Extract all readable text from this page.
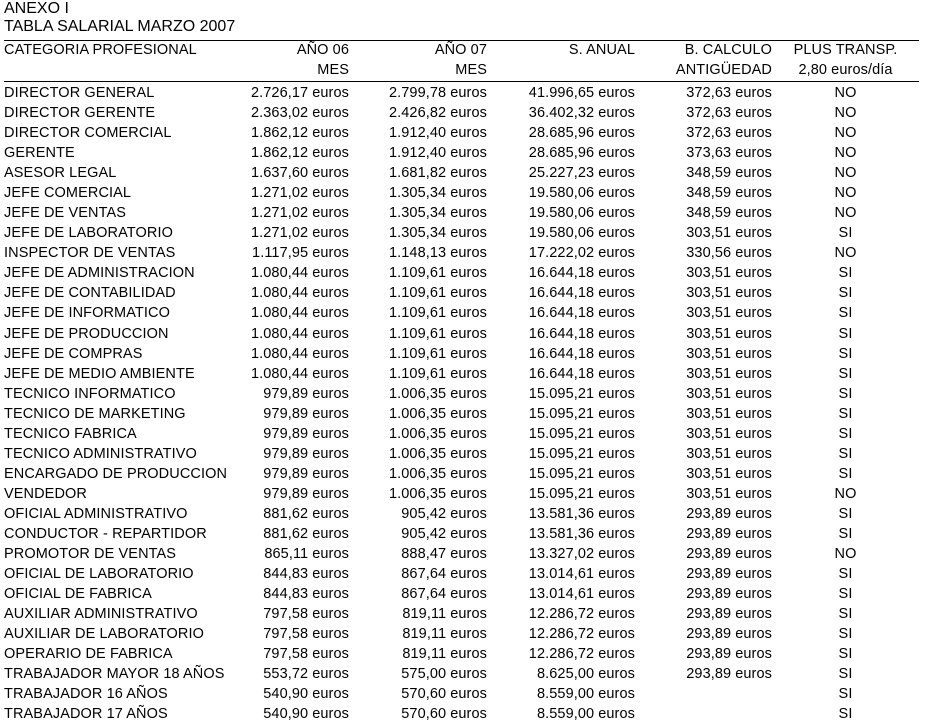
ANEXO I
TABLA SALARIAL MARZO 2007
CATEGORIA PROFESIONAL	AÑO 06	AÑO 07	S. ANUAL	B. CALCULO	PLUS TRANSP.
	MES	MES		ANTIGÜEDAD	2,80 euros/día
DIRECTOR GENERAL	2.726,17 euros	2.799,78 euros	41.996,65 euros	372,63 euros	NO
DIRECTOR GERENTE	2.363,02 euros	2.426,82 euros	36.402,32 euros	372,63 euros	NO
DIRECTOR COMERCIAL	1.862,12 euros	1.912,40 euros	28.685,96 euros	372,63 euros	NO
GERENTE	1.862,12 euros	1.912,40 euros	28.685,96 euros	373,63 euros	NO
ASESOR LEGAL	1.637,60 euros	1.681,82 euros	25.227,23 euros	348,59 euros	NO
JEFE COMERCIAL	1.271,02 euros	1.305,34 euros	19.580,06 euros	348,59 euros	NO
JEFE DE VENTAS	1.271,02 euros	1.305,34 euros	19.580,06 euros	348,59 euros	NO
JEFE DE LABORATORIO	1.271,02 euros	1.305,34 euros	19.580,06 euros	303,51 euros	SI
INSPECTOR DE VENTAS	1.117,95 euros	1.148,13 euros	17.222,02 euros	330,56 euros	NO
JEFE DE ADMINISTRACION	1.080,44 euros	1.109,61 euros	16.644,18 euros	303,51 euros	SI
JEFE DE CONTABILIDAD	1.080,44 euros	1.109,61 euros	16.644,18 euros	303,51 euros	SI
JEFE DE INFORMATICO	1.080,44 euros	1.109,61 euros	16.644,18 euros	303,51 euros	SI
JEFE DE PRODUCCION	1.080,44 euros	1.109,61 euros	16.644,18 euros	303,51 euros	SI
JEFE DE COMPRAS	1.080,44 euros	1.109,61 euros	16.644,18 euros	303,51 euros	SI
JEFE DE MEDIO AMBIENTE	1.080,44 euros	1.109,61 euros	16.644,18 euros	303,51 euros	SI
TECNICO INFORMATICO	979,89 euros	1.006,35 euros	15.095,21 euros	303,51 euros	SI
TECNICO DE MARKETING	979,89 euros	1.006,35 euros	15.095,21 euros	303,51 euros	SI
TECNICO FABRICA	979,89 euros	1.006,35 euros	15.095,21 euros	303,51 euros	SI
TECNICO ADMINISTRATIVO	979,89 euros	1.006,35 euros	15.095,21 euros	303,51 euros	SI
ENCARGADO DE PRODUCCION	979,89 euros	1.006,35 euros	15.095,21 euros	303,51 euros	SI
VENDEDOR	979,89 euros	1.006,35 euros	15.095,21 euros	303,51 euros	NO
OFICIAL ADMINISTRATIVO	881,62 euros	905,42 euros	13.581,36 euros	293,89 euros	SI
CONDUCTOR - REPARTIDOR	881,62 euros	905,42 euros	13.581,36 euros	293,89 euros	SI
PROMOTOR DE VENTAS	865,11 euros	888,47 euros	13.327,02 euros	293,89 euros	NO
OFICIAL DE LABORATORIO	844,83 euros	867,64 euros	13.014,61 euros	293,89 euros	SI
OFICIAL DE FABRICA	844,83 euros	867,64 euros	13.014,61 euros	293,89 euros	SI
AUXILIAR ADMINISTRATIVO	797,58 euros	819,11 euros	12.286,72 euros	293,89 euros	SI
AUXILIAR DE LABORATORIO	797,58 euros	819,11 euros	12.286,72 euros	293,89 euros	SI
OPERARIO DE FABRICA	797,58 euros	819,11 euros	12.286,72 euros	293,89 euros	SI
TRABAJADOR MAYOR 18 AÑOS	553,72 euros	575,00 euros	8.625,00 euros	293,89 euros	SI
TRABAJADOR 16 AÑOS	540,90 euros	570,60 euros	8.559,00 euros		SI
TRABAJADOR 17 AÑOS	540,90 euros	570,60 euros	8.559,00 euros		SI
